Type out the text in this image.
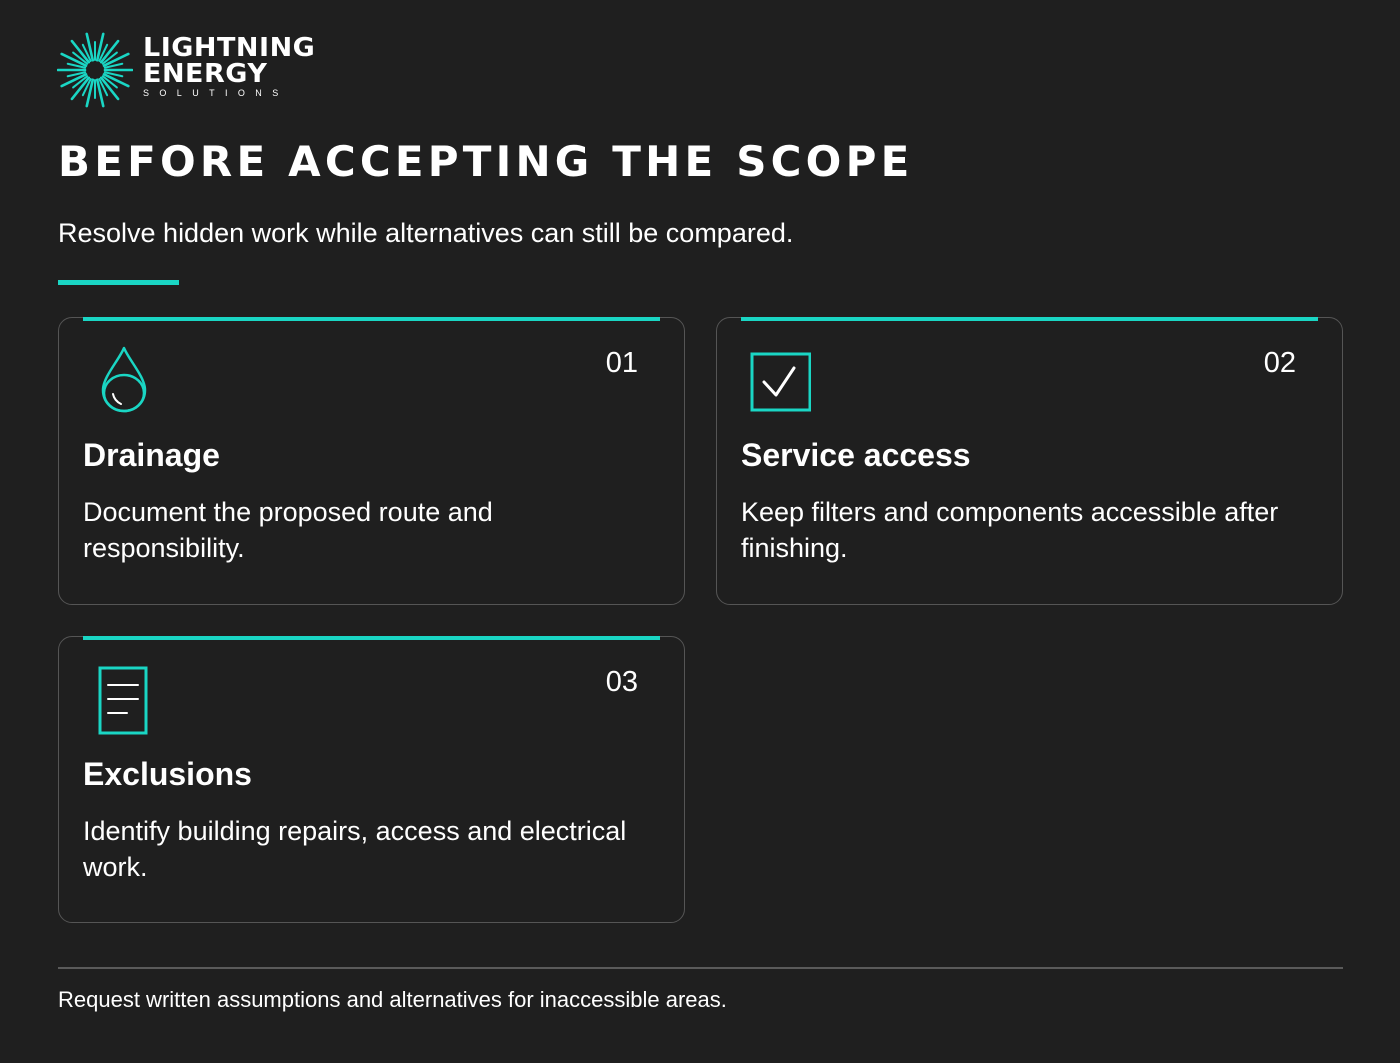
LIGHTNING
ENERGY
SOLUTIONS
BEFORE ACCEPTING THE SCOPE

Resolve hidden work while alternatives can still be compared.

01
Drainage

Document the proposed route and responsibility.

02
Service access

Keep filters and components accessible after finishing.

03
Exclusions

Identify building repairs, access and electrical work.

Request written assumptions and alternatives for inaccessible areas.
